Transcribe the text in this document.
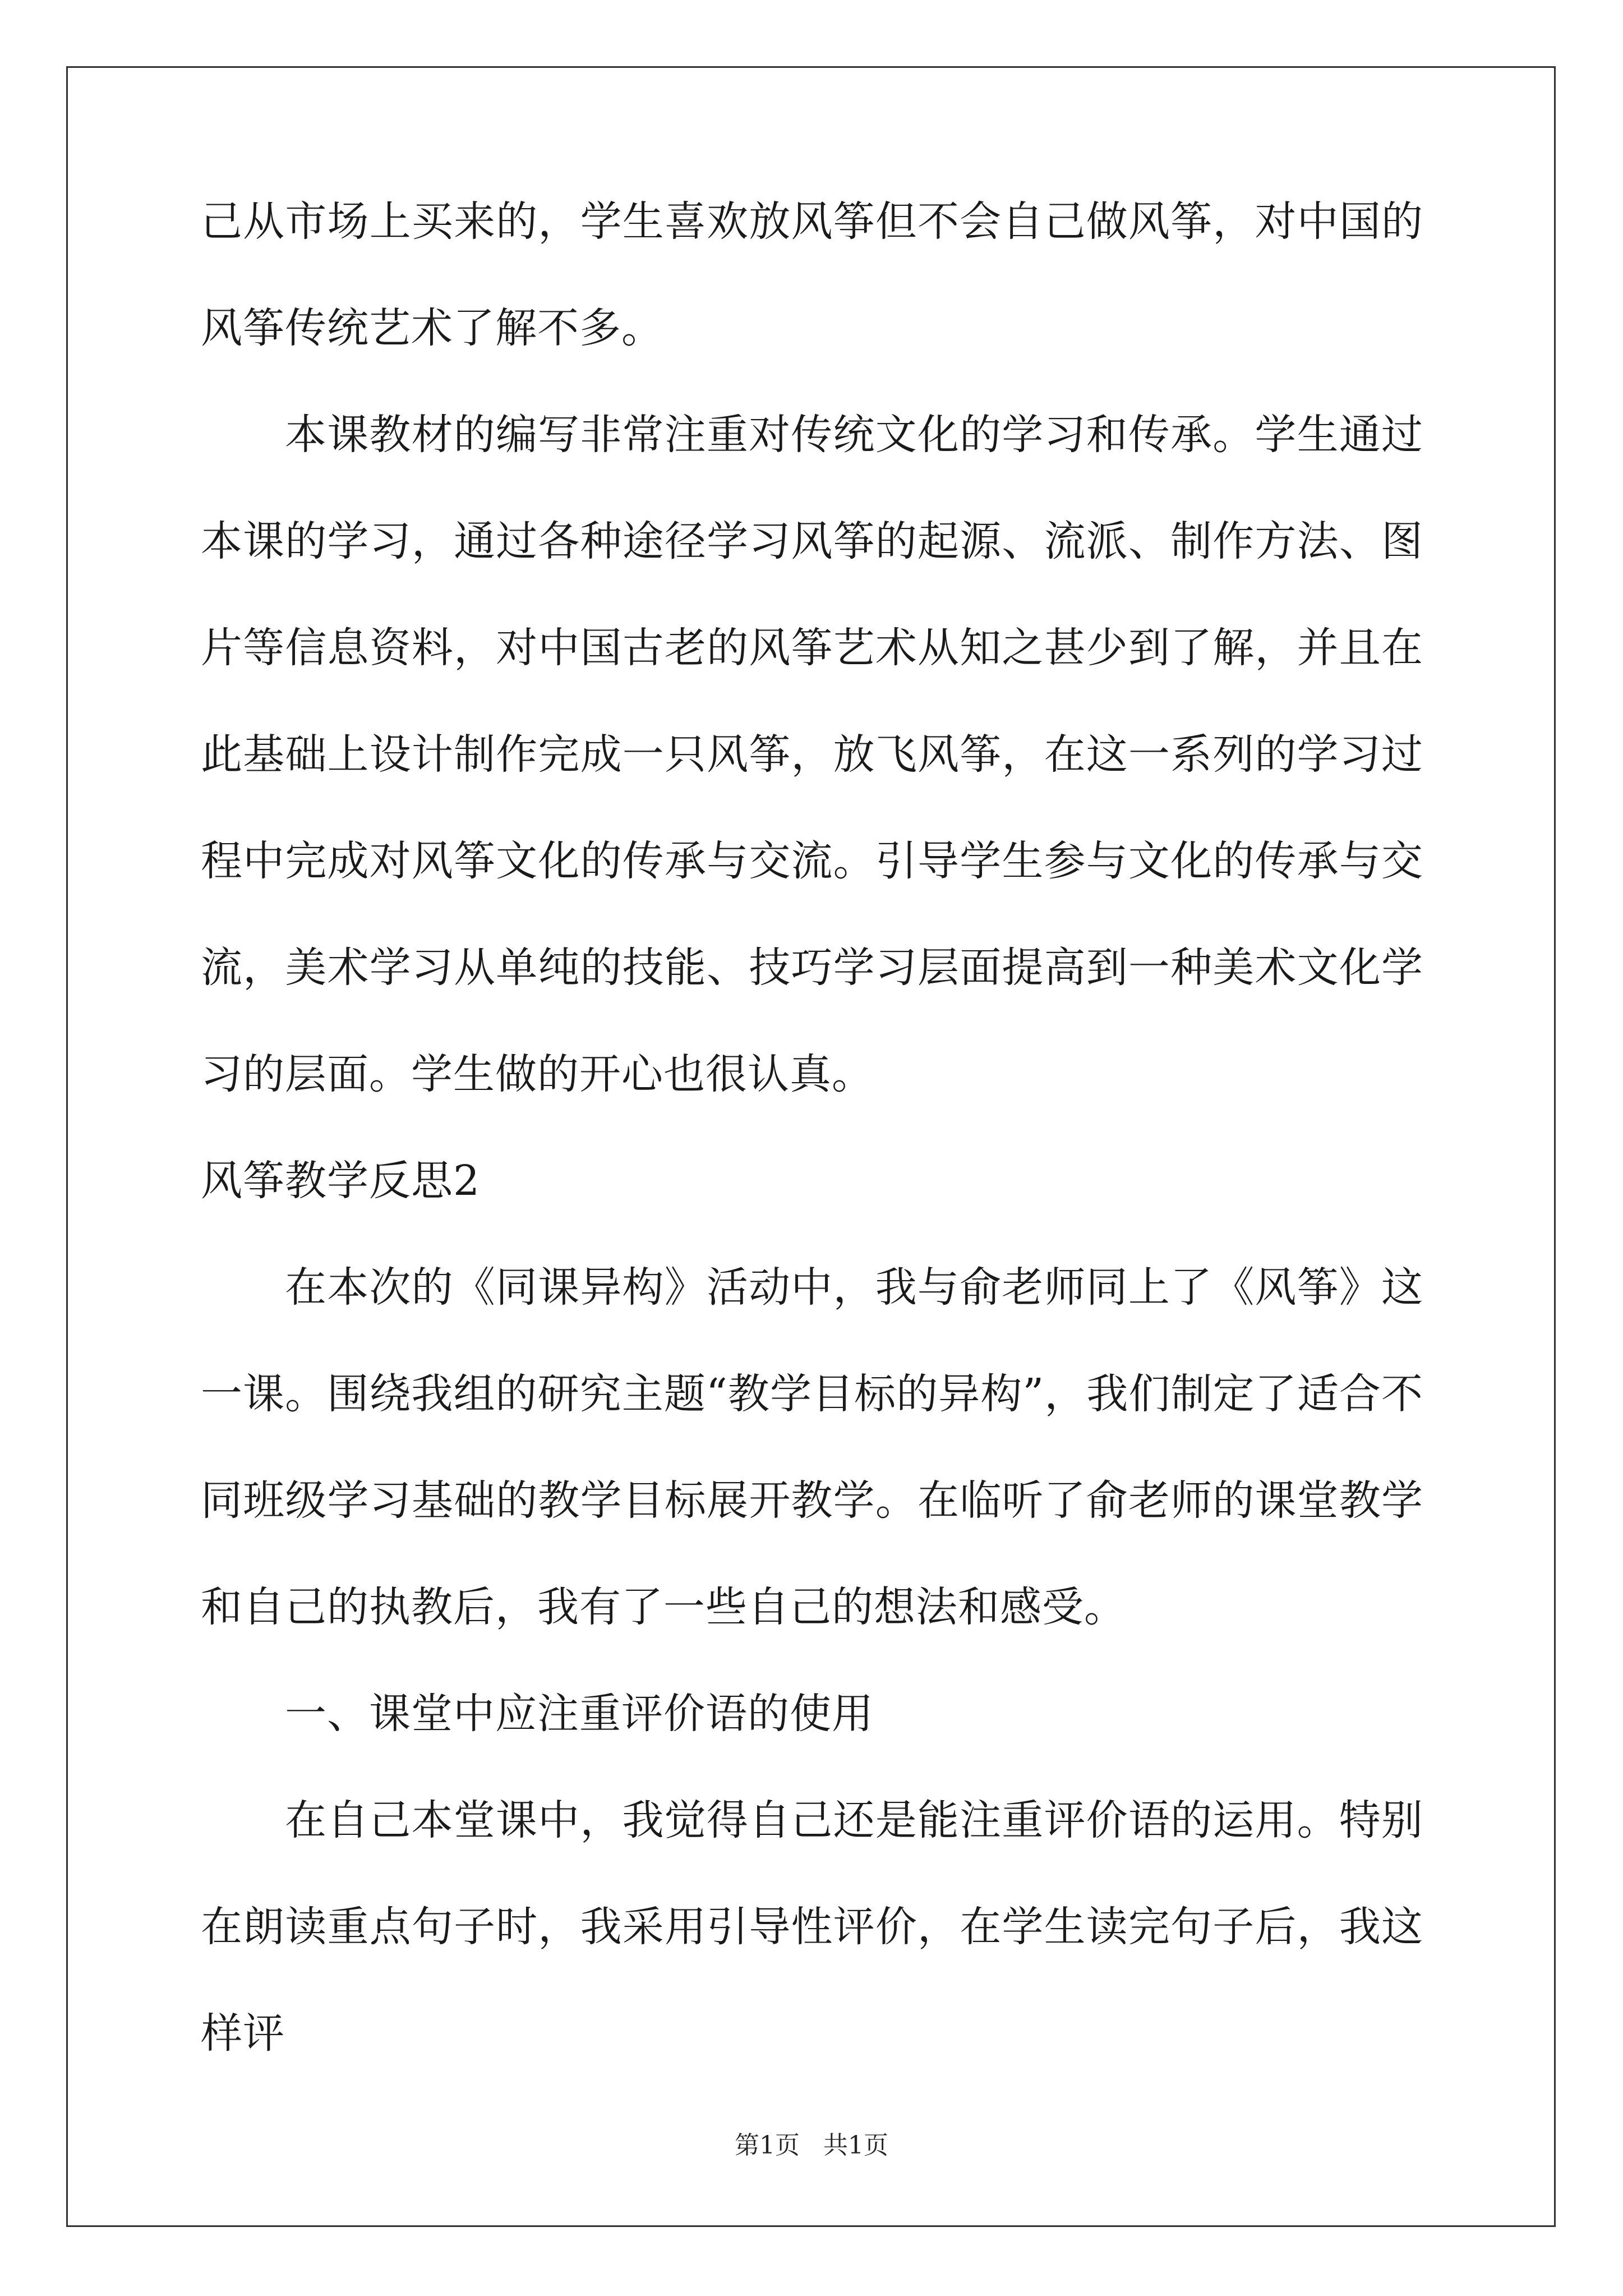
己从市场上买来的，学生喜欢放风筝但不会自己做风筝，对中国的风筝传统艺术了解不多。

本课教材的编写非常注重对传统文化的学习和传承。学生通过本课的学习，通过各种途径学习风筝的起源、流派、制作方法、图片等信息资料，对中国古老的风筝艺术从知之甚少到了解，并且在此基础上设计制作完成一只风筝，放飞风筝，在这一系列的学习过程中完成对风筝文化的传承与交流。引导学生参与文化的传承与交流，美术学习从单纯的技能、技巧学习层面提高到一种美术文化学习的层面。学生做的开心也很认真。

风筝教学反思2

在本次的《同课异构》活动中，我与俞老师同上了《风筝》这一课。围绕我组的研究主题“教学目标的异构”，我们制定了适合不同班级学习基础的教学目标展开教学。在临听了俞老师的课堂教学和自己的执教后，我有了一些自己的想法和感受。

一、课堂中应注重评价语的使用

在自己本堂课中，我觉得自己还是能注重评价语的运用。特别在朗读重点句子时，我采用引导性评价，在学生读完句子后，我这样评

第1页 共1页
